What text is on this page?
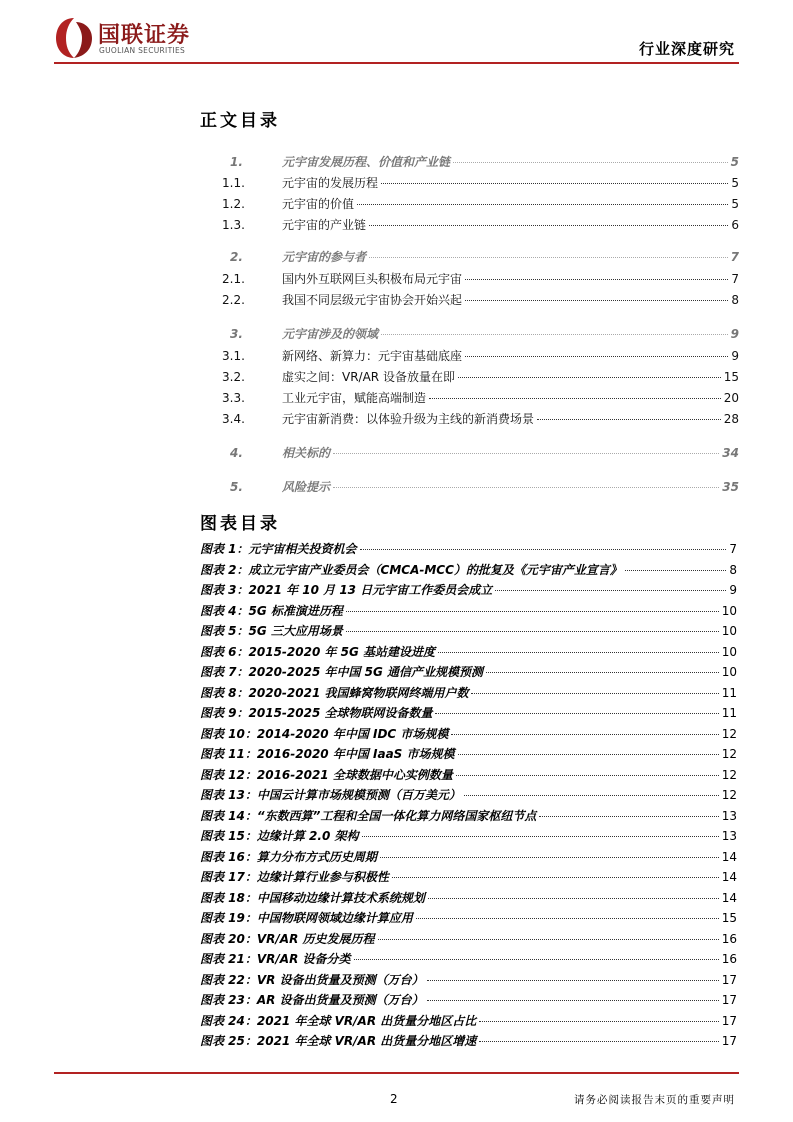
国联证券
GUOLIAN SECURITIES	行业深度研究
正文目录
1.	元宇宙发展历程、价值和产业链	5
1.1.	元宇宙的发展历程	5
1.2.	元宇宙的价值	5
1.3.	元宇宙的产业链	6
2.	元宇宙的参与者	7
2.1.	国内外互联网巨头积极布局元宇宙	7
2.2.	我国不同层级元宇宙协会开始兴起	8
3.	元宇宙涉及的领域	9
3.1.	新网络、新算力：元宇宙基础底座	9
3.2.	虚实之间：VR/AR 设备放量在即	15
3.3.	工业元宇宙，赋能高端制造	20
3.4.	元宇宙新消费：以体验升级为主线的新消费场景	28
4.	相关标的	34
5.	风险提示	35
图表目录
图表 1：元宇宙相关投资机会	7
图表 2：成立元宇宙产业委员会（CMCA-MCC）的批复及《元宇宙产业宣言》	8
图表 3：2021 年 10 月 13 日元宇宙工作委员会成立	9
图表 4：5G 标准演进历程	10
图表 5：5G 三大应用场景	10
图表 6：2015-2020 年 5G 基站建设进度	10
图表 7：2020-2025 年中国 5G 通信产业规模预测	10
图表 8：2020-2021 我国蜂窝物联网终端用户数	11
图表 9：2015-2025 全球物联网设备数量	11
图表 10：2014-2020 年中国 IDC 市场规模	12
图表 11：2016-2020 年中国 IaaS 市场规模	12
图表 12：2016-2021 全球数据中心实例数量	12
图表 13：中国云计算市场规模预测（百万美元）	12
图表 14：“东数西算”工程和全国一体化算力网络国家枢纽节点	13
图表 15：边缘计算 2.0 架构	13
图表 16：算力分布方式历史周期	14
图表 17：边缘计算行业参与积极性	14
图表 18：中国移动边缘计算技术系统规划	14
图表 19：中国物联网领域边缘计算应用	15
图表 20：VR/AR 历史发展历程	16
图表 21：VR/AR 设备分类	16
图表 22：VR 设备出货量及预测（万台）	17
图表 23：AR 设备出货量及预测（万台）	17
图表 24：2021 年全球 VR/AR 出货量分地区占比	17
图表 25：2021 年全球 VR/AR 出货量分地区增速	17
2	请务必阅读报告末页的重要声明
